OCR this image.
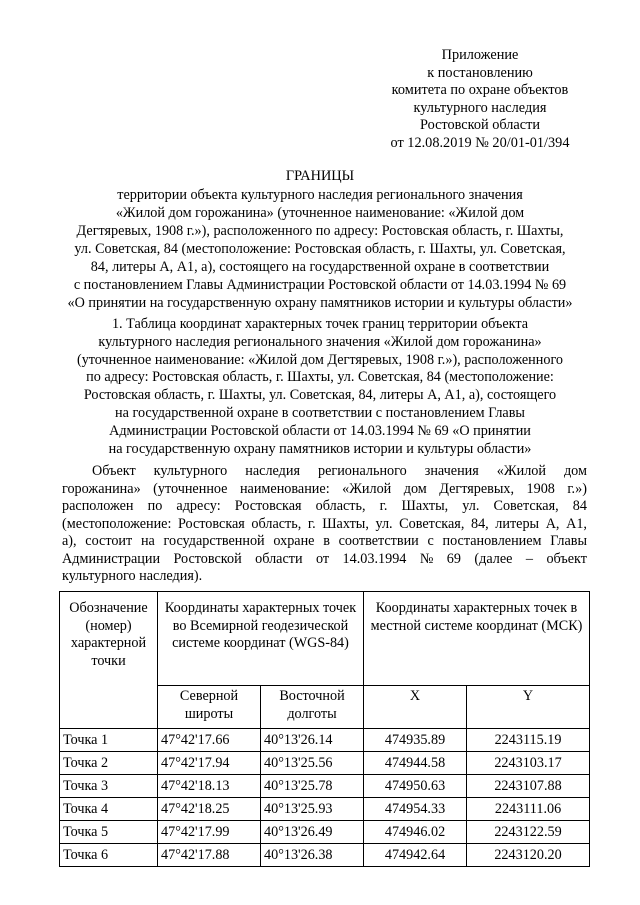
Приложение
к постановлению
комитета по охране объектов
культурного наследия
Ростовской области
от 12.08.2019 № 20/01-01/394
ГРАНИЦЫ
территории объекта культурного наследия регионального значения
«Жилой дом горожанина» (уточненное наименование: «Жилой дом
Дегтяревых, 1908 г.»), расположенного по адресу: Ростовская область, г. Шахты,
ул. Советская, 84 (местоположение: Ростовская область, г. Шахты, ул. Советская,
84, литеры А, А1, а), состоящего на государственной охране в соответствии
с постановлением Главы Администрации Ростовской области от 14.03.1994 № 69
«О принятии на государственную охрану памятников истории и культуры области»
1. Таблица координат характерных точек границ территории объекта
культурного наследия регионального значения «Жилой дом горожанина»
(уточненное наименование: «Жилой дом Дегтяревых, 1908 г.»), расположенного
по адресу: Ростовская область, г. Шахты, ул. Советская, 84 (местоположение:
Ростовская область, г. Шахты, ул. Советская, 84, литеры А, А1, а), состоящего
на государственной охране в соответствии с постановлением Главы
Администрации Ростовской области от 14.03.1994 № 69 «О принятии
на государственную охрану памятников истории и культуры области»
Объект культурного наследия регионального значения «Жилой дом
горожанина» (уточненное наименование: «Жилой дом Дегтяревых, 1908 г.»)
расположен по адресу: Ростовская область, г. Шахты, ул. Советская, 84
(местоположение: Ростовская область, г. Шахты, ул. Советская, 84, литеры А, А1,
а), состоит на государственной охране в соответствии с постановлением Главы
Администрации Ростовской области от 14.03.1994 № 69 (далее – объект
культурного наследия).
Обозначение (номер) характерной точки	Координаты характерных точек во Всемирной геодезической системе координат (WGS-84)		Координаты характерных точек в местной системе координат (МСК)	
	Северной широты	Восточной долготы	X	Y
Точка 1	47°42'17.66	40°13'26.14	474935.89	2243115.19
Точка 2	47°42'17.94	40°13'25.56	474944.58	2243103.17
Точка 3	47°42'18.13	40°13'25.78	474950.63	2243107.88
Точка 4	47°42'18.25	40°13'25.93	474954.33	2243111.06
Точка 5	47°42'17.99	40°13'26.49	474946.02	2243122.59
Точка 6	47°42'17.88	40°13'26.38	474942.64	2243120.20
